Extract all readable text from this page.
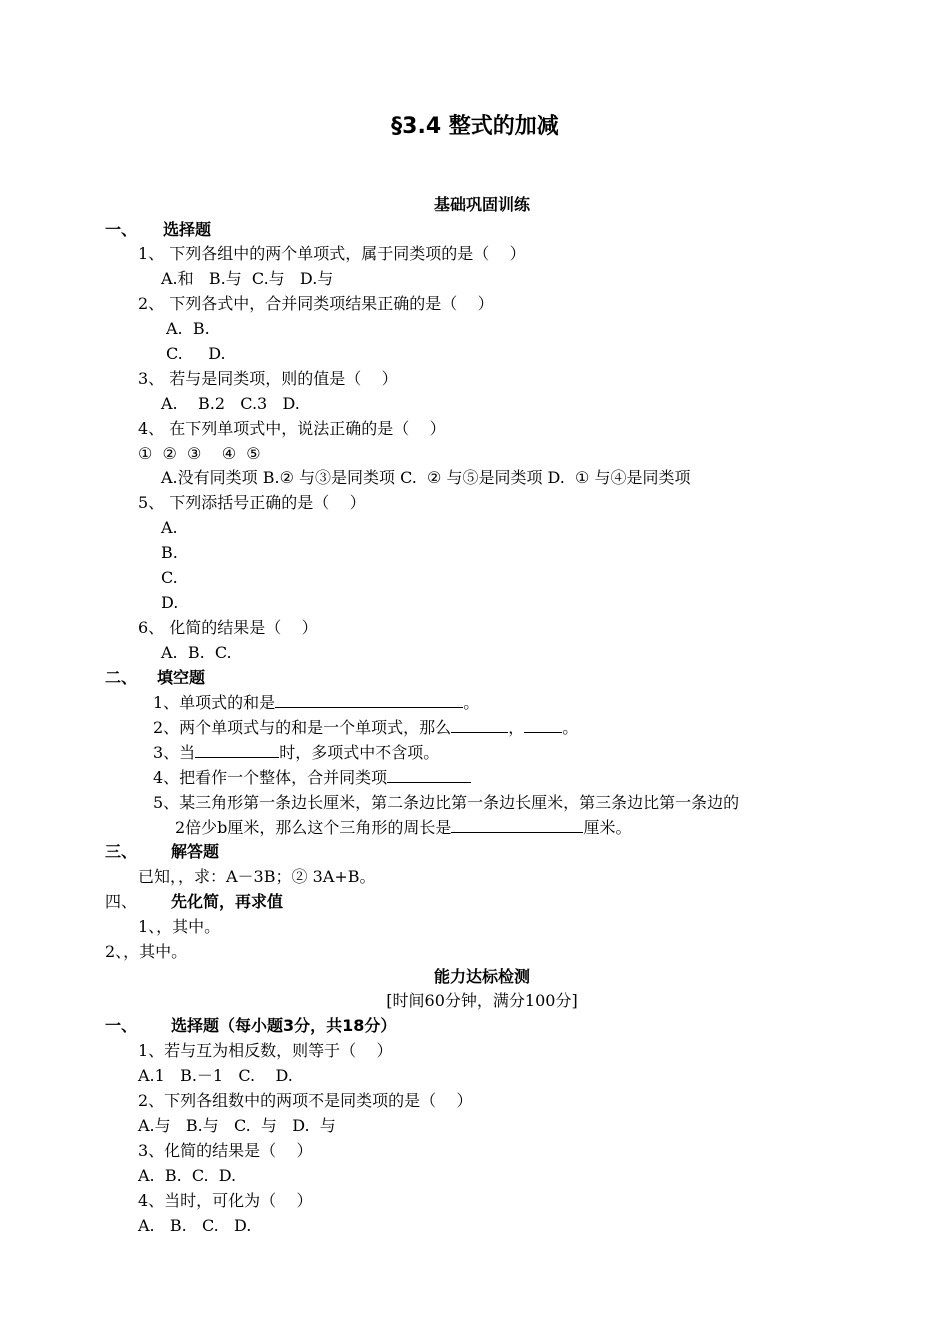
§3.4 整式的加减
基础巩固训练
一、 选择题
1、 下列各组中的两个单项式，属于同类项的是（    ）
A.和   B.与  C.与   D.与
2、 下列各式中，合并同类项结果正确的是（    ）
A.  B.
C.     D.
3、 若与是同类项，则的值是（    ）
A.    B.2   C.3   D.
4、 在下列单项式中，说法正确的是（    ）
①  ②  ③    ④  ⑤
A.没有同类项 B.② 与③是同类项 C.  ② 与⑤是同类项 D.  ① 与④是同类项
5、 下列添括号正确的是（    ）
A.
B.
C.
D.
6、 化简的结果是（    ）
A.  B.  C.
二、 填空题
1、单项式的和是	。
2、两个单项式与的和是一个单项式，那么	， 。
3、当	时，多项式中不含项。
4、把看作一个整体，合并同类项
5、某三角形第一条边长厘米，第二条边比第一条边长厘米，第三条边比第一条边的
2倍少b厘米，那么这个三角形的周长是	厘米。
三、 解答题
已知，，求：A－3B；② 3A+B。
四、 先化简，再求值
1、，其中。
2、，其中。
能力达标检测
[时间60分钟，满分100分]
一、 选择题（每小题3分，共18分）
1、若与互为相反数，则等于（    ）
A.1   B.－1   C.    D.
2、下列各组数中的两项不是同类项的是（    ）
A.与   B.与   C.  与   D.  与
3、化简的结果是（    ）
A.  B.  C.  D.
4、当时，可化为（    ）
A.   B.   C.   D.
